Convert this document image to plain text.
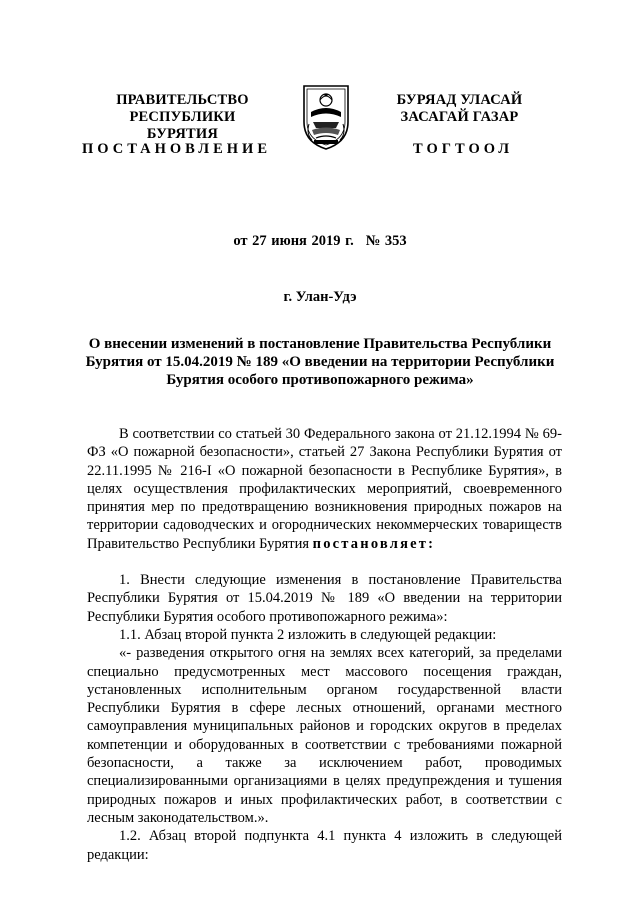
ПРАВИТЕЛЬСТВО
РЕСПУБЛИКИ БУРЯТИЯ
БУРЯАД УЛАСАЙ
ЗАСАГАЙ ГАЗАР
ПОСТАНОВЛЕНИЕ	ТОГТООЛ
от 27 июня 2019 г. № 353
г. Улан-Удэ
О внесении изменений в постановление Правительства Республики Бурятия от 15.04.2019 № 189 «О введении на территории Республики Бурятия особого противопожарного режима»

В соответствии со статьей 30 Федерального закона от 21.12.1994 № 69-ФЗ «О пожарной безопасности», статьей 27 Закона Республики Бурятия от 22.11.1995 № 216-I «О пожарной безопасности в Республике Бурятия», в целях осуществления профилактических мероприятий, своевременного принятия мер по предотвращению возникновения природных пожаров на территории садоводческих и огороднических некоммерческих товариществ Правительство Республики Бурятия постановляет:

1. Внести следующие изменения в постановление Правительства Республики Бурятия от 15.04.2019 № 189 «О введении на территории Республики Бурятия особого противопожарного режима»:

1.1. Абзац второй пункта 2 изложить в следующей редакции:

«- разведения открытого огня на землях всех категорий, за пределами специально предусмотренных мест массового посещения граждан, установленных исполнительным органом государственной власти Республики Бурятия в сфере лесных отношений, органами местного самоуправления муниципальных районов и городских округов в пределах компетенции и оборудованных в соответствии с требованиями пожарной безопасности, а также за исключением работ, проводимых специализированными организациями в целях предупреждения и тушения природных пожаров и иных профилактических работ, в соответствии с лесным законодательством.».

1.2. Абзац второй подпункта 4.1 пункта 4 изложить в следующей редакции:
